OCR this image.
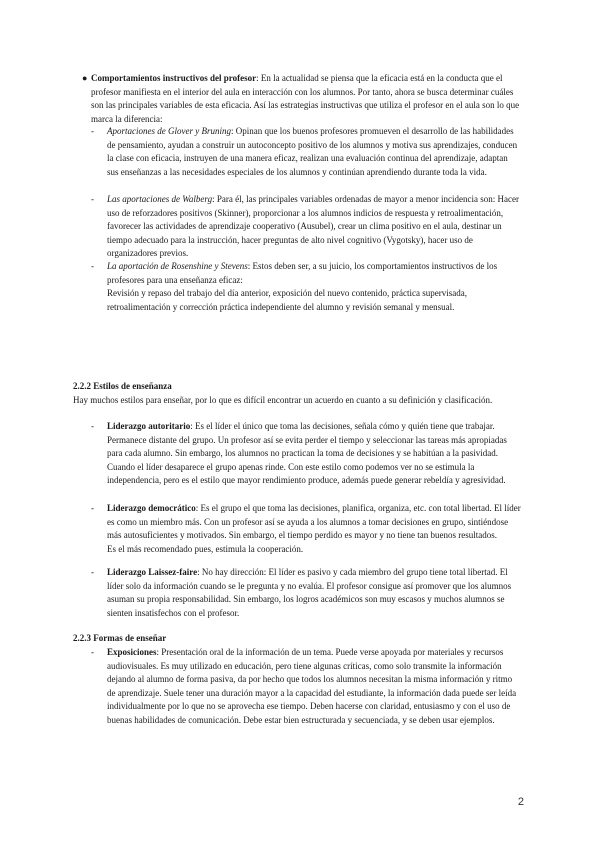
● Comportamientos instructivos del profesor: En la actualidad se piensa que la eficacia está en la conducta que el profesor manifiesta en el interior del aula en interacción con los alumnos. Por tanto, ahora se busca determinar cuáles son las principales variables de esta eficacia. Así las estrategias instructivas que utiliza el profesor en el aula son lo que marca la diferencia:

- Aportaciones de Glover y Bruning: Opinan que los buenos profesores promueven el desarrollo de las habilidades de pensamiento, ayudan a construir un autoconcepto positivo de los alumnos y motiva sus aprendizajes, conducen la clase con eficacia, instruyen de una manera eficaz, realizan una evaluación continua del aprendizaje, adaptan sus enseñanzas a las necesidades especiales de los alumnos y continúan aprendiendo durante toda la vida.

- Las aportaciones de Walberg: Para él, las principales variables ordenadas de mayor a menor incidencia son: Hacer uso de reforzadores positivos (Skinner), proporcionar a los alumnos indicios de respuesta y retroalimentación, favorecer las actividades de aprendizaje cooperativo (Ausubel), crear un clima positivo en el aula, destinar un tiempo adecuado para la instrucción, hacer preguntas de alto nivel cognitivo (Vygotsky), hacer uso de organizadores previos.

- La aportación de Rosenshine y Stevens: Estos deben ser, a su juicio, los comportamientos instructivos de los profesores para una enseñanza eficaz:

Revisión y repaso del trabajo del día anterior, exposición del nuevo contenido, práctica supervisada, retroalimentación y corrección práctica independiente del alumno y revisión semanal y mensual.

2.2.2 Estilos de enseñanza

Hay muchos estilos para enseñar, por lo que es difícil encontrar un acuerdo en cuanto a su definición y clasificación.

- Liderazgo autoritario: Es el líder el único que toma las decisiones, señala cómo y quién tiene que trabajar. Permanece distante del grupo. Un profesor así se evita perder el tiempo y seleccionar las tareas más apropiadas para cada alumno. Sin embargo, los alumnos no practican la toma de decisiones y se habitúan a la pasividad. Cuando el líder desaparece el grupo apenas rinde. Con este estilo como podemos ver no se estimula la independencia, pero es el estilo que mayor rendimiento produce, además puede generar rebeldía y agresividad.

- Liderazgo democrático: Es el grupo el que toma las decisiones, planifica, organiza, etc. con total libertad. El líder es como un miembro más. Con un profesor así se ayuda a los alumnos a tomar decisiones en grupo, sintiéndose más autosuficientes y motivados. Sin embargo, el tiempo perdido es mayor y no tiene tan buenos resultados.

Es el más recomendado pues, estimula la cooperación.

- Liderazgo Laissez-faire: No hay dirección: El líder es pasivo y cada miembro del grupo tiene total libertad. El líder solo da información cuando se le pregunta y no evalúa. El profesor consigue así promover que los alumnos asuman su propia responsabilidad. Sin embargo, los logros académicos son muy escasos y muchos alumnos se sienten insatisfechos con el profesor.

2.2.3 Formas de enseñar
- Exposiciones: Presentación oral de la información de un tema. Puede verse apoyada por materiales y recursos audiovisuales. Es muy utilizado en educación, pero tiene algunas críticas, como solo transmite la información dejando al alumno de forma pasiva, da por hecho que todos los alumnos necesitan la misma información y ritmo de aprendizaje. Suele tener una duración mayor a la capacidad del estudiante, la información dada puede ser leída individualmente por lo que no se aprovecha ese tiempo. Deben hacerse con claridad, entusiasmo y con el uso de buenas habilidades de comunicación. Debe estar bien estructurada y secuenciada, y se deben usar ejemplos.

2
